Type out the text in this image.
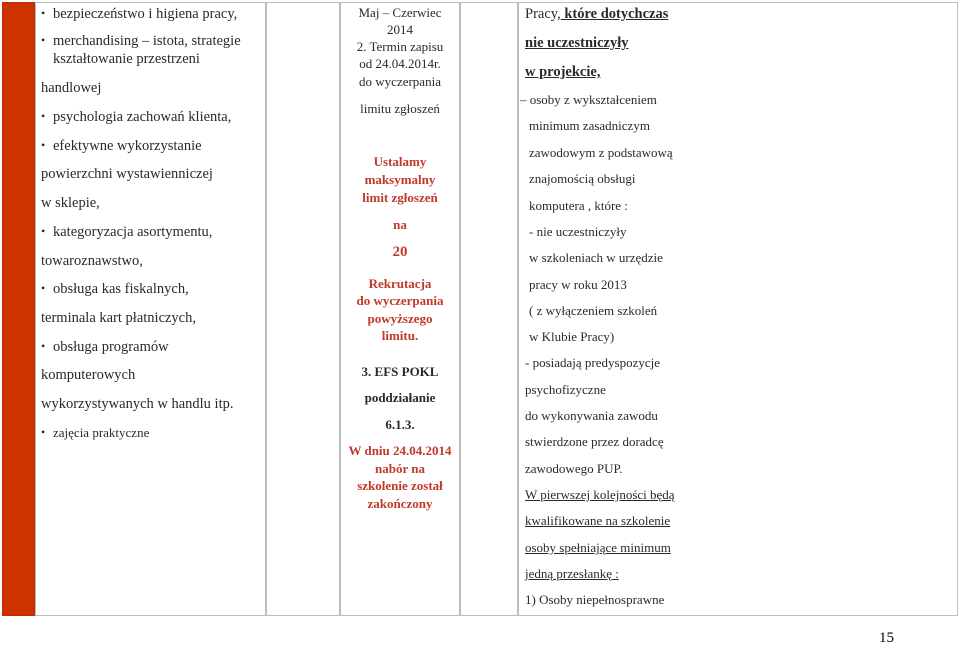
• bezpieczeństwo i higiena pracy,
• merchandising – istota, strategie
kształtowanie przestrzeni
handlowej
• psychologia zachowań klienta,
• efektywne wykorzystanie
powierzchni wystawienniczej
w sklepie,
• kategoryzacja asortymentu,
towaroznawstwo,
• obsługa kas fiskalnych,
terminala kart płatniczych,
• obsługa programów
komputerowych
wykorzystywanych w handlu itp.
• zajęcia praktyczne
Maj – Czerwiec
2014
2. Termin zapisu
od 24.04.2014r.
do wyczerpania
limitu zgłoszeń
Ustalamy
maksymalny
limit zgłoszeń
na
20
Rekrutacja
do wyczerpania
powyższego
limitu.
3. EFS POKL
poddziałanie
6.1.3.
W dniu 24.04.2014
nabór na
szkolenie został
zakończony
Pracy, które dotychczas
nie uczestniczyły
w projekcie,
– osoby z wykształceniem
minimum zasadniczym
zawodowym z podstawową
znajomością obsługi
komputera , które :
- nie uczestniczyły
w szkoleniach w urzędzie
pracy w roku 2013
( z wyłączeniem szkoleń
w Klubie Pracy)
- posiadają predyspozycje
psychofizyczne
do wykonywania zawodu
stwierdzone przez doradcę
zawodowego PUP.
W pierwszej kolejności będą
kwalifikowane na szkolenie
osoby spełniające minimum
jedną przesłankę :
1) Osoby niepełnosprawne
15
